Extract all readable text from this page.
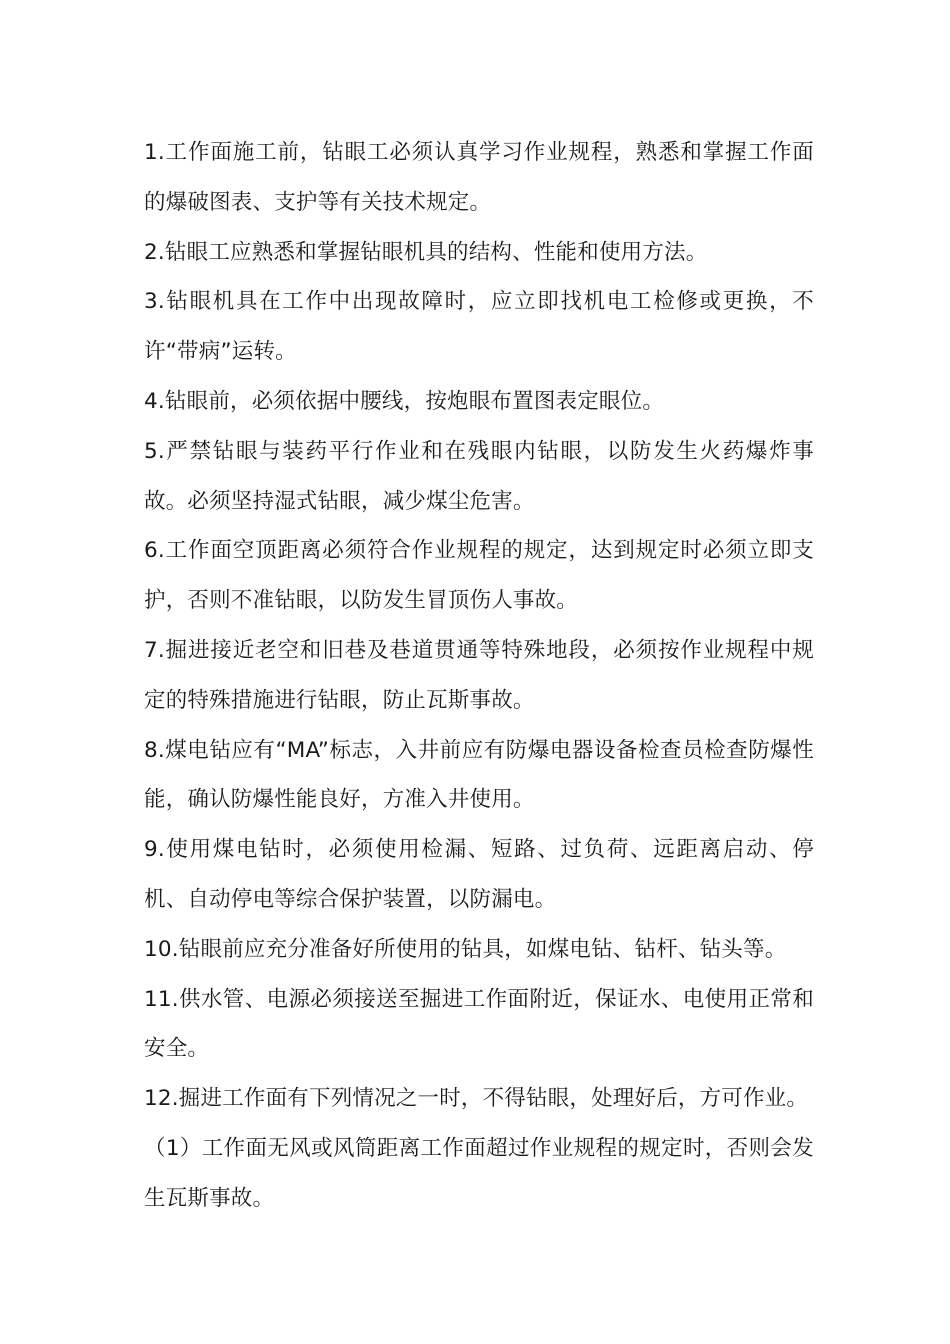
1.工作面施工前，钻眼工必须认真学习作业规程，熟悉和掌握工作面的爆破图表、支护等有关技术规定。

2.钻眼工应熟悉和掌握钻眼机具的结构、性能和使用方法。

3.钻眼机具在工作中出现故障时，应立即找机电工检修或更换，不许“带病”运转。

4.钻眼前，必须依据中腰线，按炮眼布置图表定眼位。

5.严禁钻眼与装药平行作业和在残眼内钻眼，以防发生火药爆炸事故。必须坚持湿式钻眼，减少煤尘危害。

6.工作面空顶距离必须符合作业规程的规定，达到规定时必须立即支护，否则不准钻眼，以防发生冒顶伤人事故。

7.掘进接近老空和旧巷及巷道贯通等特殊地段，必须按作业规程中规定的特殊措施进行钻眼，防止瓦斯事故。

8.煤电钻应有“MA”标志，入井前应有防爆电器设备检查员检查防爆性能，确认防爆性能良好，方准入井使用。

9.使用煤电钻时，必须使用检漏、短路、过负荷、远距离启动、停机、自动停电等综合保护装置，以防漏电。

10.钻眼前应充分准备好所使用的钻具，如煤电钻、钻杆、钻头等。

11.供水管、电源必须接送至掘进工作面附近，保证水、电使用正常和安全。

12.掘进工作面有下列情况之一时，不得钻眼，处理好后，方可作业。

（1）工作面无风或风筒距离工作面超过作业规程的规定时，否则会发生瓦斯事故。
